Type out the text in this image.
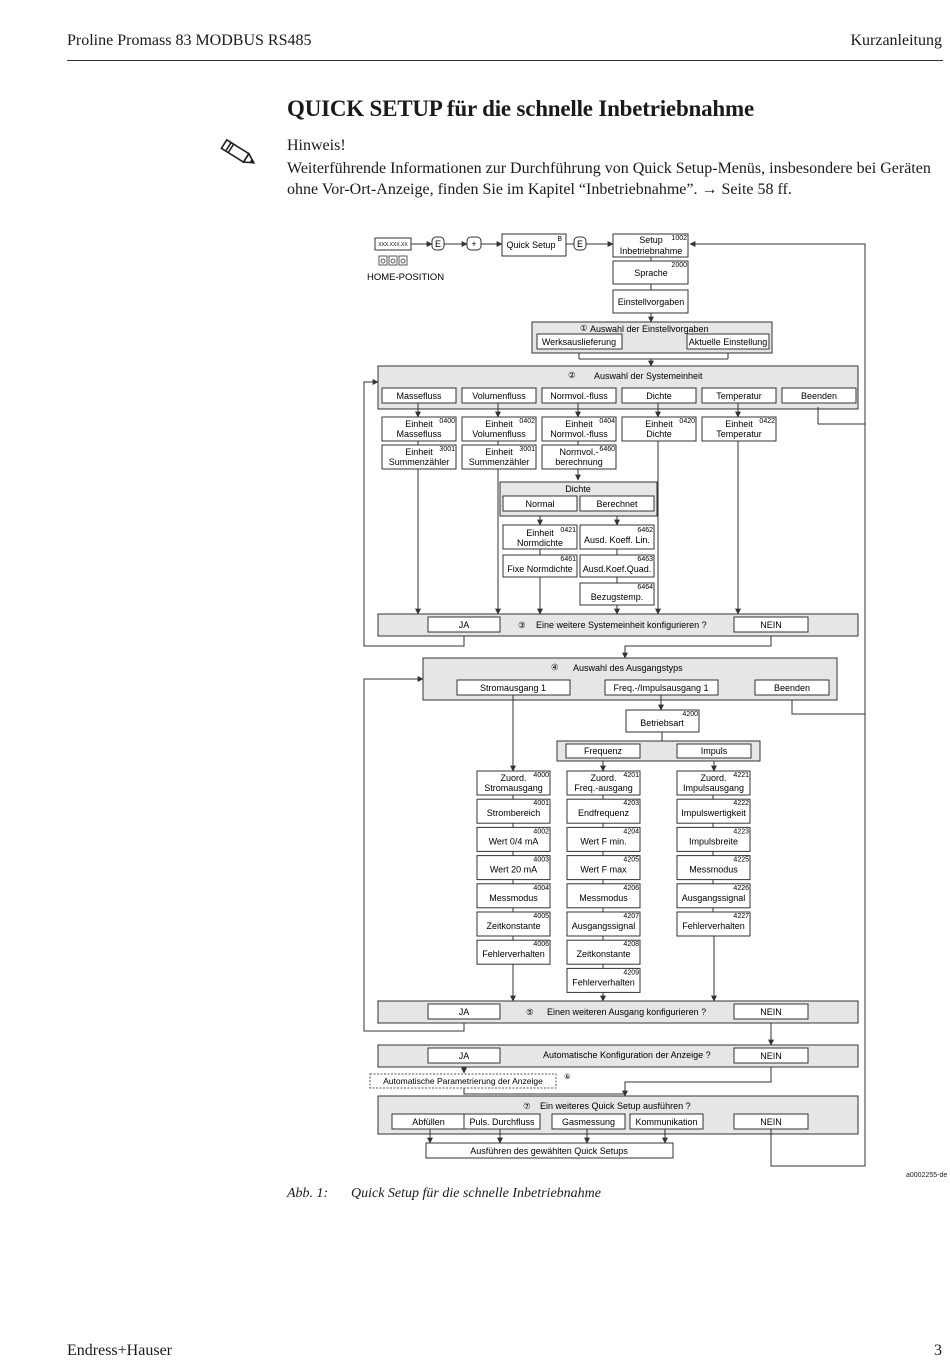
Proline Promass 83 MODBUS RS485	Kurzanleitung
QUICK SETUP für die schnelle Inbetriebnahme
Hinweis!
Weiterführende Informationen zur Durchführung von Quick Setup-Menüs, insbesondere bei Geräten ohne Vor-Ort-Anzeige, finden Sie im Kapitel “Inbetriebnahme”. → Seite 58 ff.
XXX.XXX.XX
HOME-POSITION
E	+	Quick Setup
B E	Setup
Inbetriebnahme
1002
Sprache
2000
Einstellvorgaben
① Auswahl der Einstellvorgaben
Werksauslieferung	Aktuelle Einstellung
② Auswahl der Systemeinheit
Massefluss	Volumenfluss	Normvol.-fluss	Dichte	Temperatur	Beenden
Einheit
Massefluss
0400	Einheit
Volumenfluss
0402	Einheit
Normvol.-fluss
0404	Einheit
Dichte
0420	Einheit
Temperatur
0422
Einheit
Summenzähler
3001	Einheit
Summenzähler
3001	Normvol.-
berechnung
6460
Dichte
Normal	Berechnet
Einheit
Normdichte
0421
Fixe Normdichte
6461
Ausd. Koeff. Lin.
6462
Ausd.Koef.Quad.
6463
Bezugstemp.
6464
JA	③ Eine weitere Systemeinheit konfigurieren ?	NEIN
④ Auswahl des Ausgangstyps
Stromausgang 1	Freq.-/Impulsausgang 1	Beenden
Betriebsart
4200
Frequenz	Impuls
Zuord.
Stromausgang
4000
Strombereich
4001
Wert 0/4 mA
4002
Wert 20 mA
4003
Messmodus
4004
Zeitkonstante
4005
Fehlerverhalten
4006
Zuord.
Freq.-ausgang
4201
Endfrequenz
4203
Wert F min.
4204
Wert F max
4205
Messmodus
4206
Ausgangssignal
4207
Zeitkonstante
4208
Fehlerverhalten
4209
Zuord.
Impulsausgang
4221
Impulswertigkeit
4222
Impulsbreite
4223
Messmodus
4225
Ausgangssignal
4226
Fehlerverhalten
4227
JA	⑤ Einen weiteren Ausgang konfigurieren ?	NEIN
JA	Automatische Konfiguration der Anzeige ?	NEIN
Automatische Parametrierung der Anzeige	⑥
⑦ Ein weiteres Quick Setup ausführen ?
Abfüllen	Puls. Durchfluss	Gasmessung Kommunikation	NEIN
Ausführen des gewählten Quick Setups
a0002255-de
Abb. 1: Quick Setup für die schnelle Inbetriebnahme
Endress+Hauser	3
